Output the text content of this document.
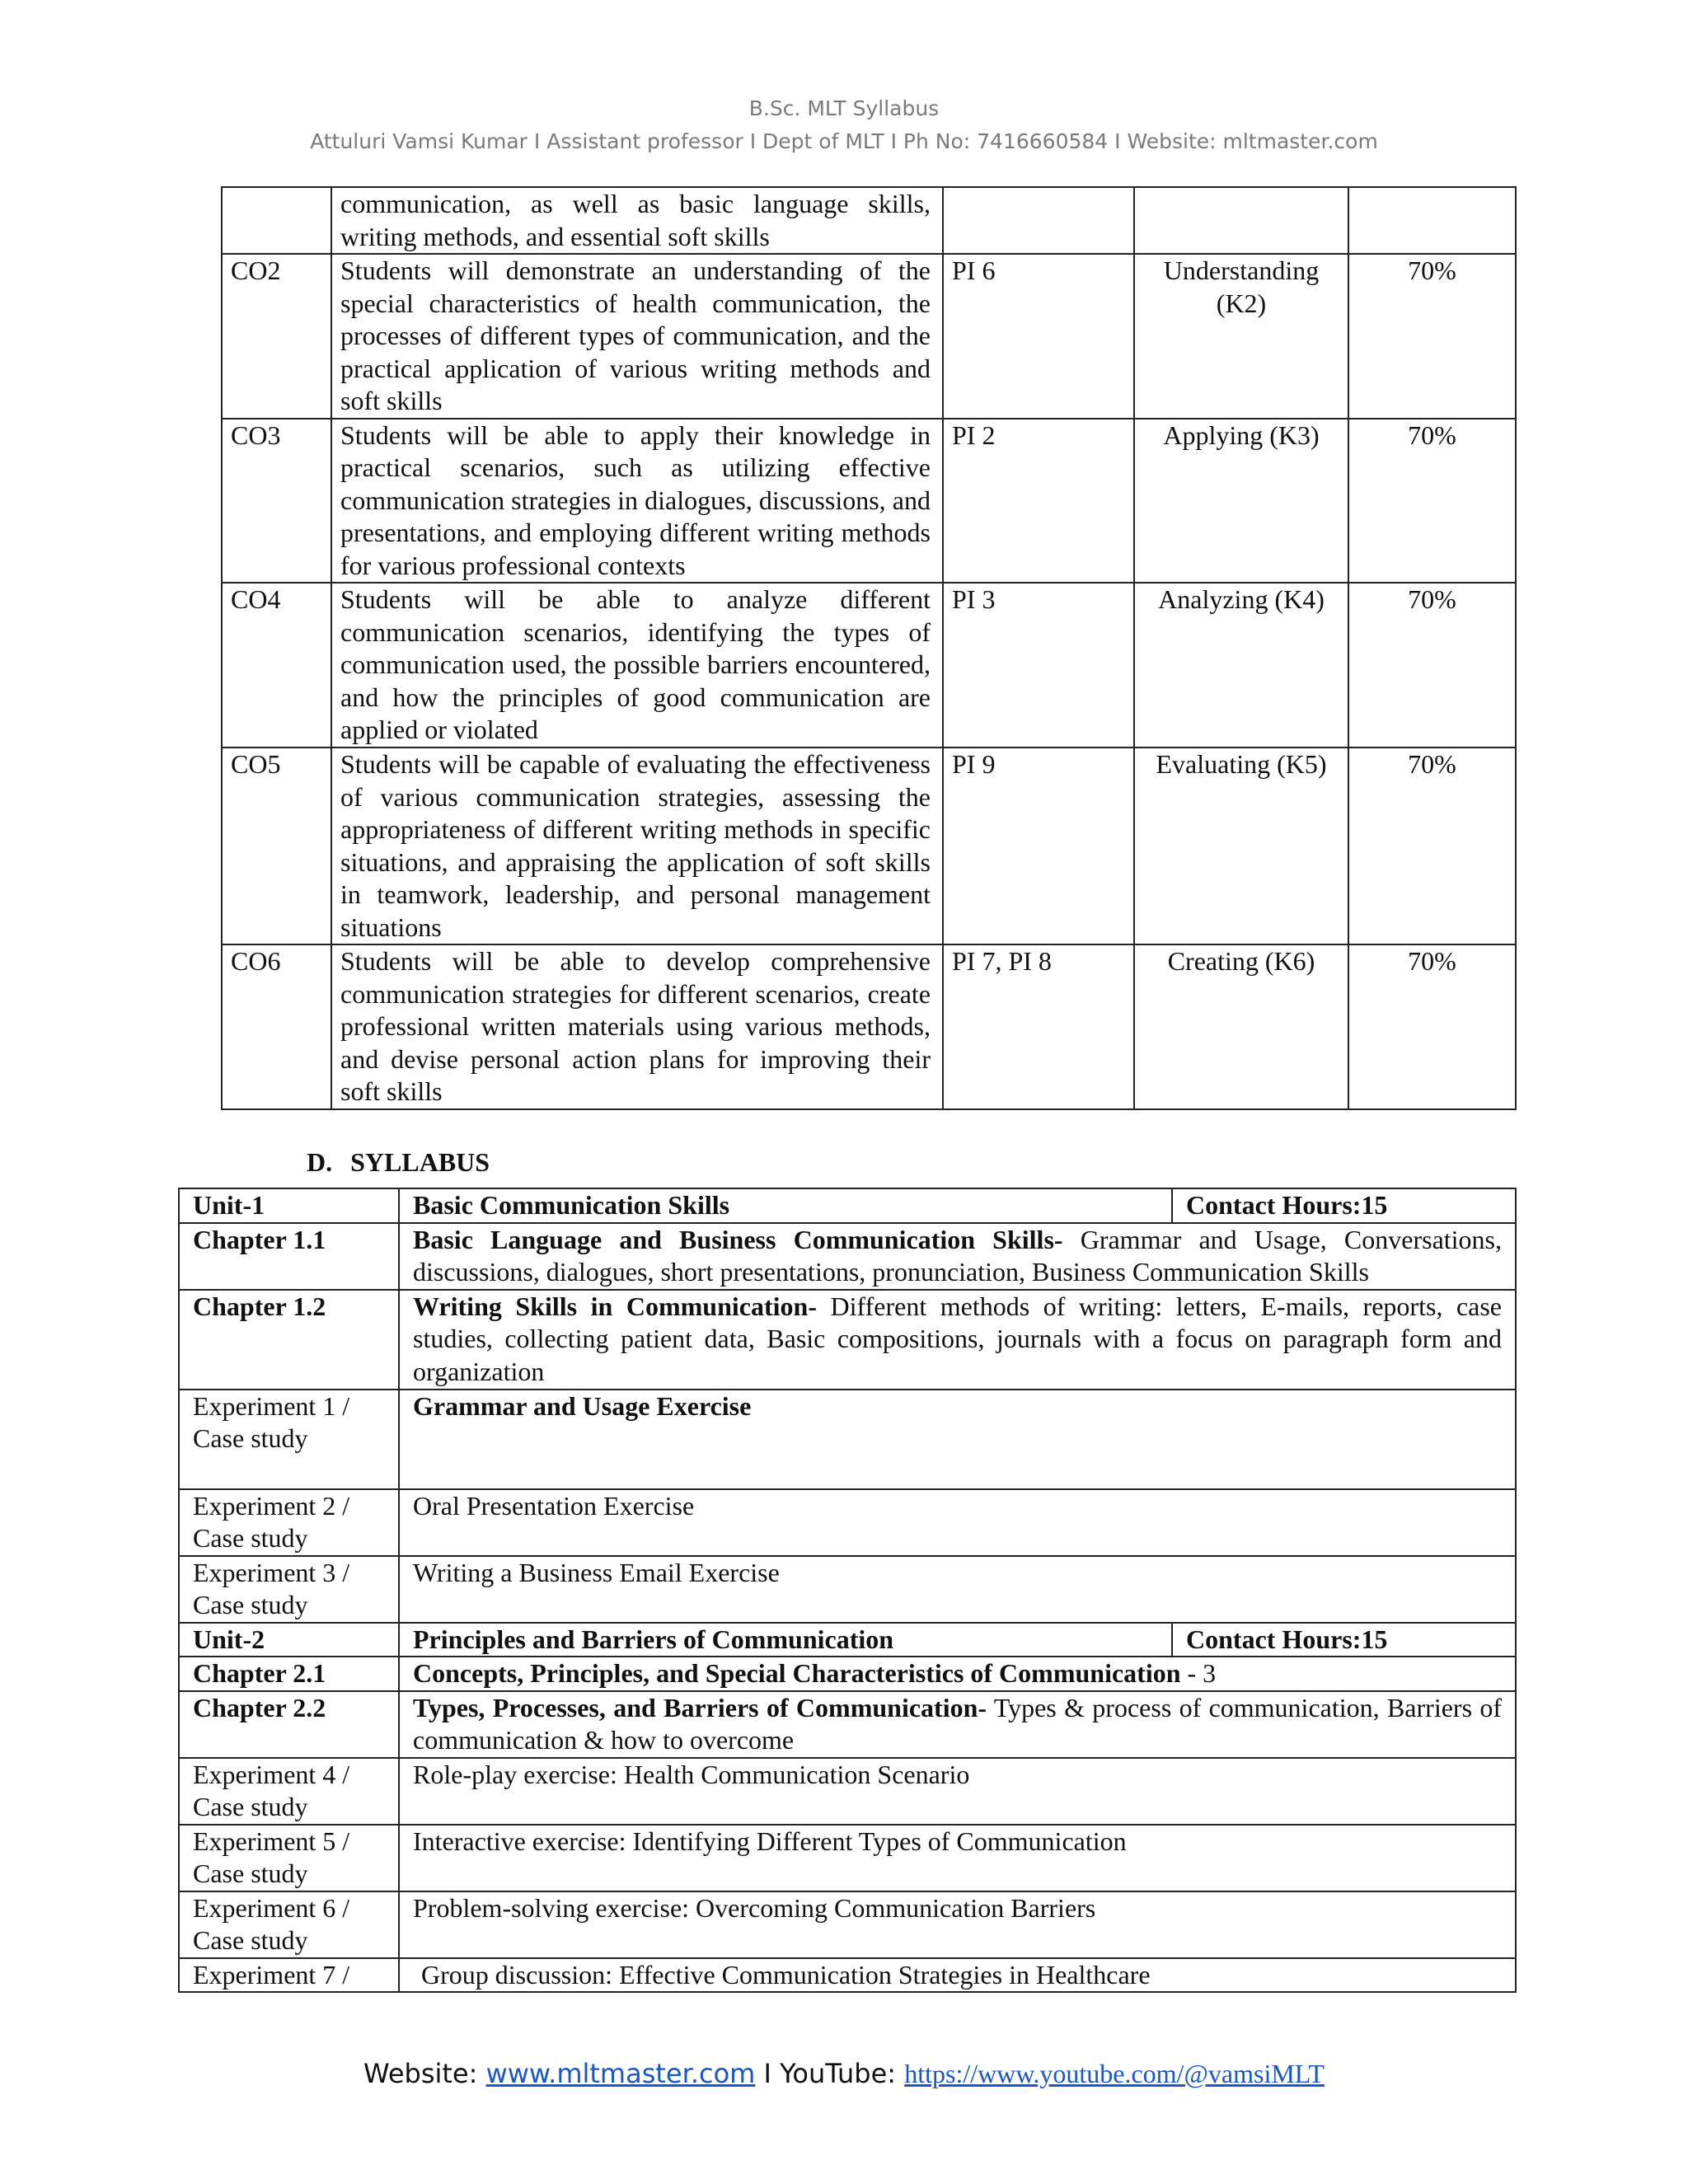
B.Sc. MLT Syllabus
Attuluri Vamsi Kumar I Assistant professor I Dept of MLT I Ph No: 7416660584 I Website: mltmaster.com
	communication, as well as basic language skills, writing methods, and essential soft skills			
CO2	Students will demonstrate an understanding of the special characteristics of health communication, the processes of different types of communication, and the practical application of various writing methods and soft skills	PI 6	Understanding (K2)	70%
CO3	Students will be able to apply their knowledge in practical scenarios, such as utilizing effective communication strategies in dialogues, discussions, and presentations, and employing different writing methods for various professional contexts	PI 2	Applying (K3)	70%
CO4	Students will be able to analyze different communication scenarios, identifying the types of communication used, the possible barriers encountered, and how the principles of good communication are applied or violated	PI 3	Analyzing (K4)	70%
CO5	Students will be capable of evaluating the effectiveness of various communication strategies, assessing the appropriateness of different writing methods in specific situations, and appraising the application of soft skills in teamwork, leadership, and personal management situations	PI 9	Evaluating (K5)	70%
CO6	Students will be able to develop comprehensive communication strategies for different scenarios, create professional written materials using various methods, and devise personal action plans for improving their soft skills	PI 7, PI 8	Creating (K6)	70%
D. SYLLABUS
Unit-1	Basic Communication Skills	Contact Hours:15
Chapter 1.1	Basic Language and Business Communication Skills- Grammar and Usage, Conversations, discussions, dialogues, short presentations, pronunciation, Business Communication Skills	
Chapter 1.2	Writing Skills in Communication- Different methods of writing: letters, E-mails, reports, case studies, collecting patient data, Basic compositions, journals with a focus on paragraph form and organization	
Experiment 1 /
Case study	Grammar and Usage Exercise	
Experiment 2 /
Case study	Oral Presentation Exercise	
Experiment 3 /
Case study	Writing a Business Email Exercise	
Unit-2	Principles and Barriers of Communication	Contact Hours:15
Chapter 2.1	Concepts, Principles, and Special Characteristics of Communication - 3	
Chapter 2.2	Types, Processes, and Barriers of Communication- Types & process of communication, Barriers of communication & how to overcome	
Experiment 4 /
Case study	Role-play exercise: Health Communication Scenario	
Experiment 5 /
Case study	Interactive exercise: Identifying Different Types of Communication	
Experiment 6 /
Case study	Problem-solving exercise: Overcoming Communication Barriers	
Experiment 7 /	Group discussion: Effective Communication Strategies in Healthcare	
Website: www.mltmaster.com I YouTube: https://www.youtube.com/@vamsiMLT
